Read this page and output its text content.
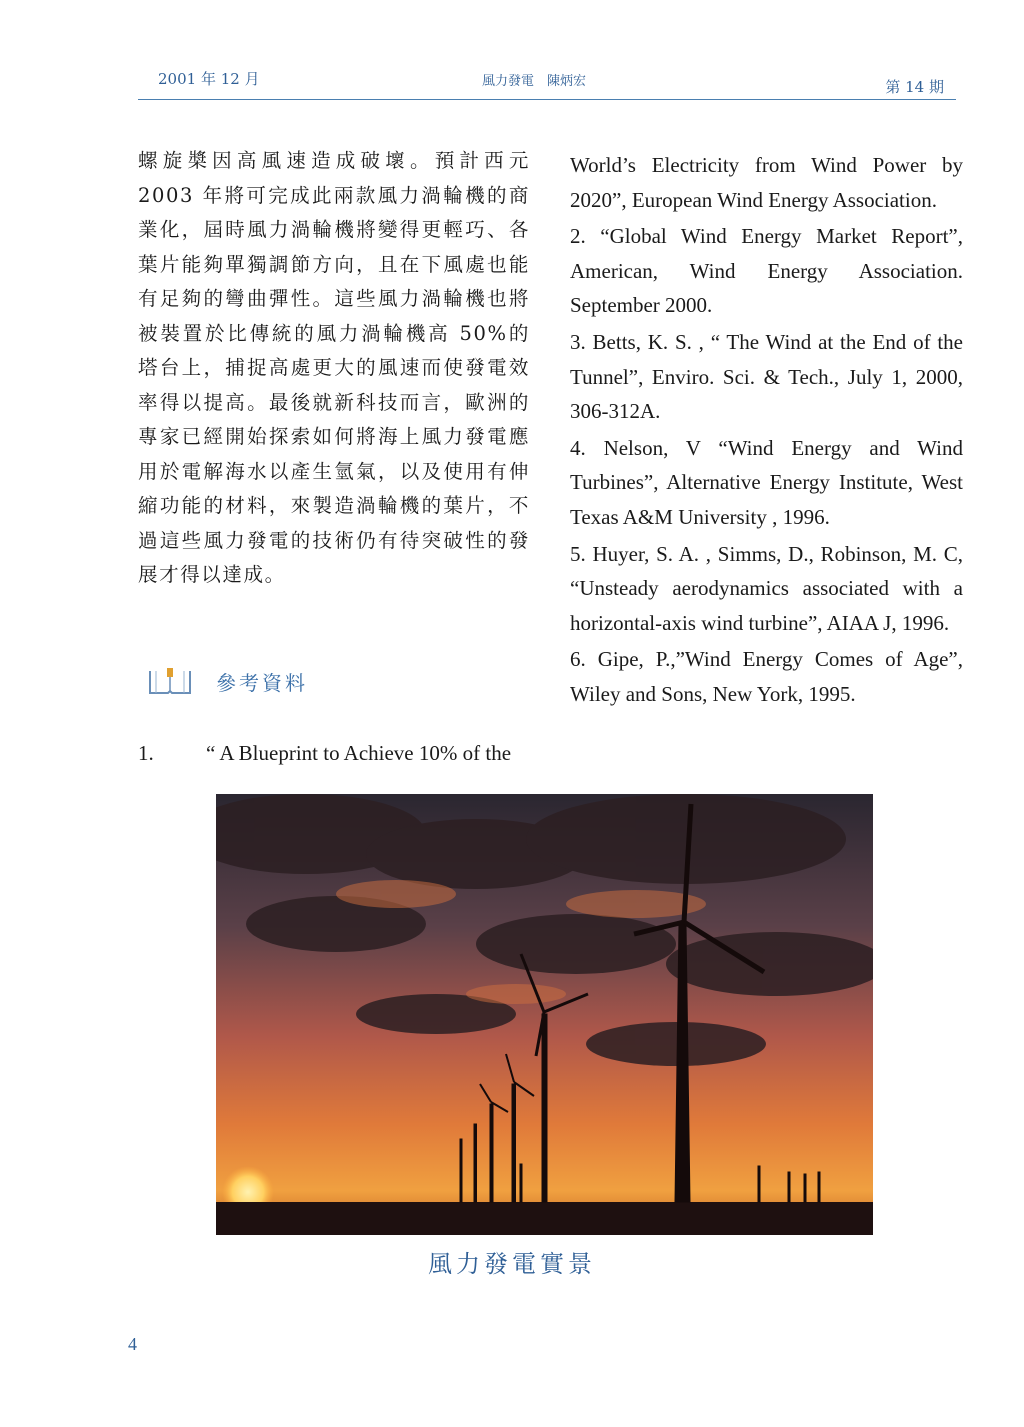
2001 年 12 月	風力發電　陳炳宏	第 14 期

螺旋槳因高風速造成破壞。預計西元 2003 年將可完成此兩款風力渦輪機的商業化，屆時風力渦輪機將變得更輕巧、各葉片能夠單獨調節方向，且在下風處也能有足夠的彎曲彈性。這些風力渦輪機也將被裝置於比傳統的風力渦輪機高 50%的塔台上，捕捉高處更大的風速而使發電效率得以提高。最後就新科技而言，歐洲的專家已經開始探索如何將海上風力發電應用於電解海水以產生氫氣，以及使用有伸縮功能的材料，來製造渦輪機的葉片，不過這些風力發電的技術仍有待突破性的發展才得以達成。

參考資料
1. “ A Blueprint to Achieve 10% of the

World’s Electricity from Wind Power by 2020”, European Wind Energy Association.

2. “Global Wind Energy Market Report”, American, Wind Energy Association. September 2000.

3. Betts, K. S. , “ The Wind at the End of the Tunnel”, Enviro. Sci. & Tech., July 1, 2000, 306-312A.

4. Nelson, V “Wind Energy and Wind Turbines”, Alternative Energy Institute, West Texas A&M University , 1996.

5. Huyer, S. A. , Simms, D., Robinson, M. C, “Unsteady aerodynamics associated with a horizontal-axis wind turbine”, AIAA J, 1996.

6. Gipe, P.,”Wind Energy Comes of Age”, Wiley and Sons, New York, 1995.

風力發電實景
4
